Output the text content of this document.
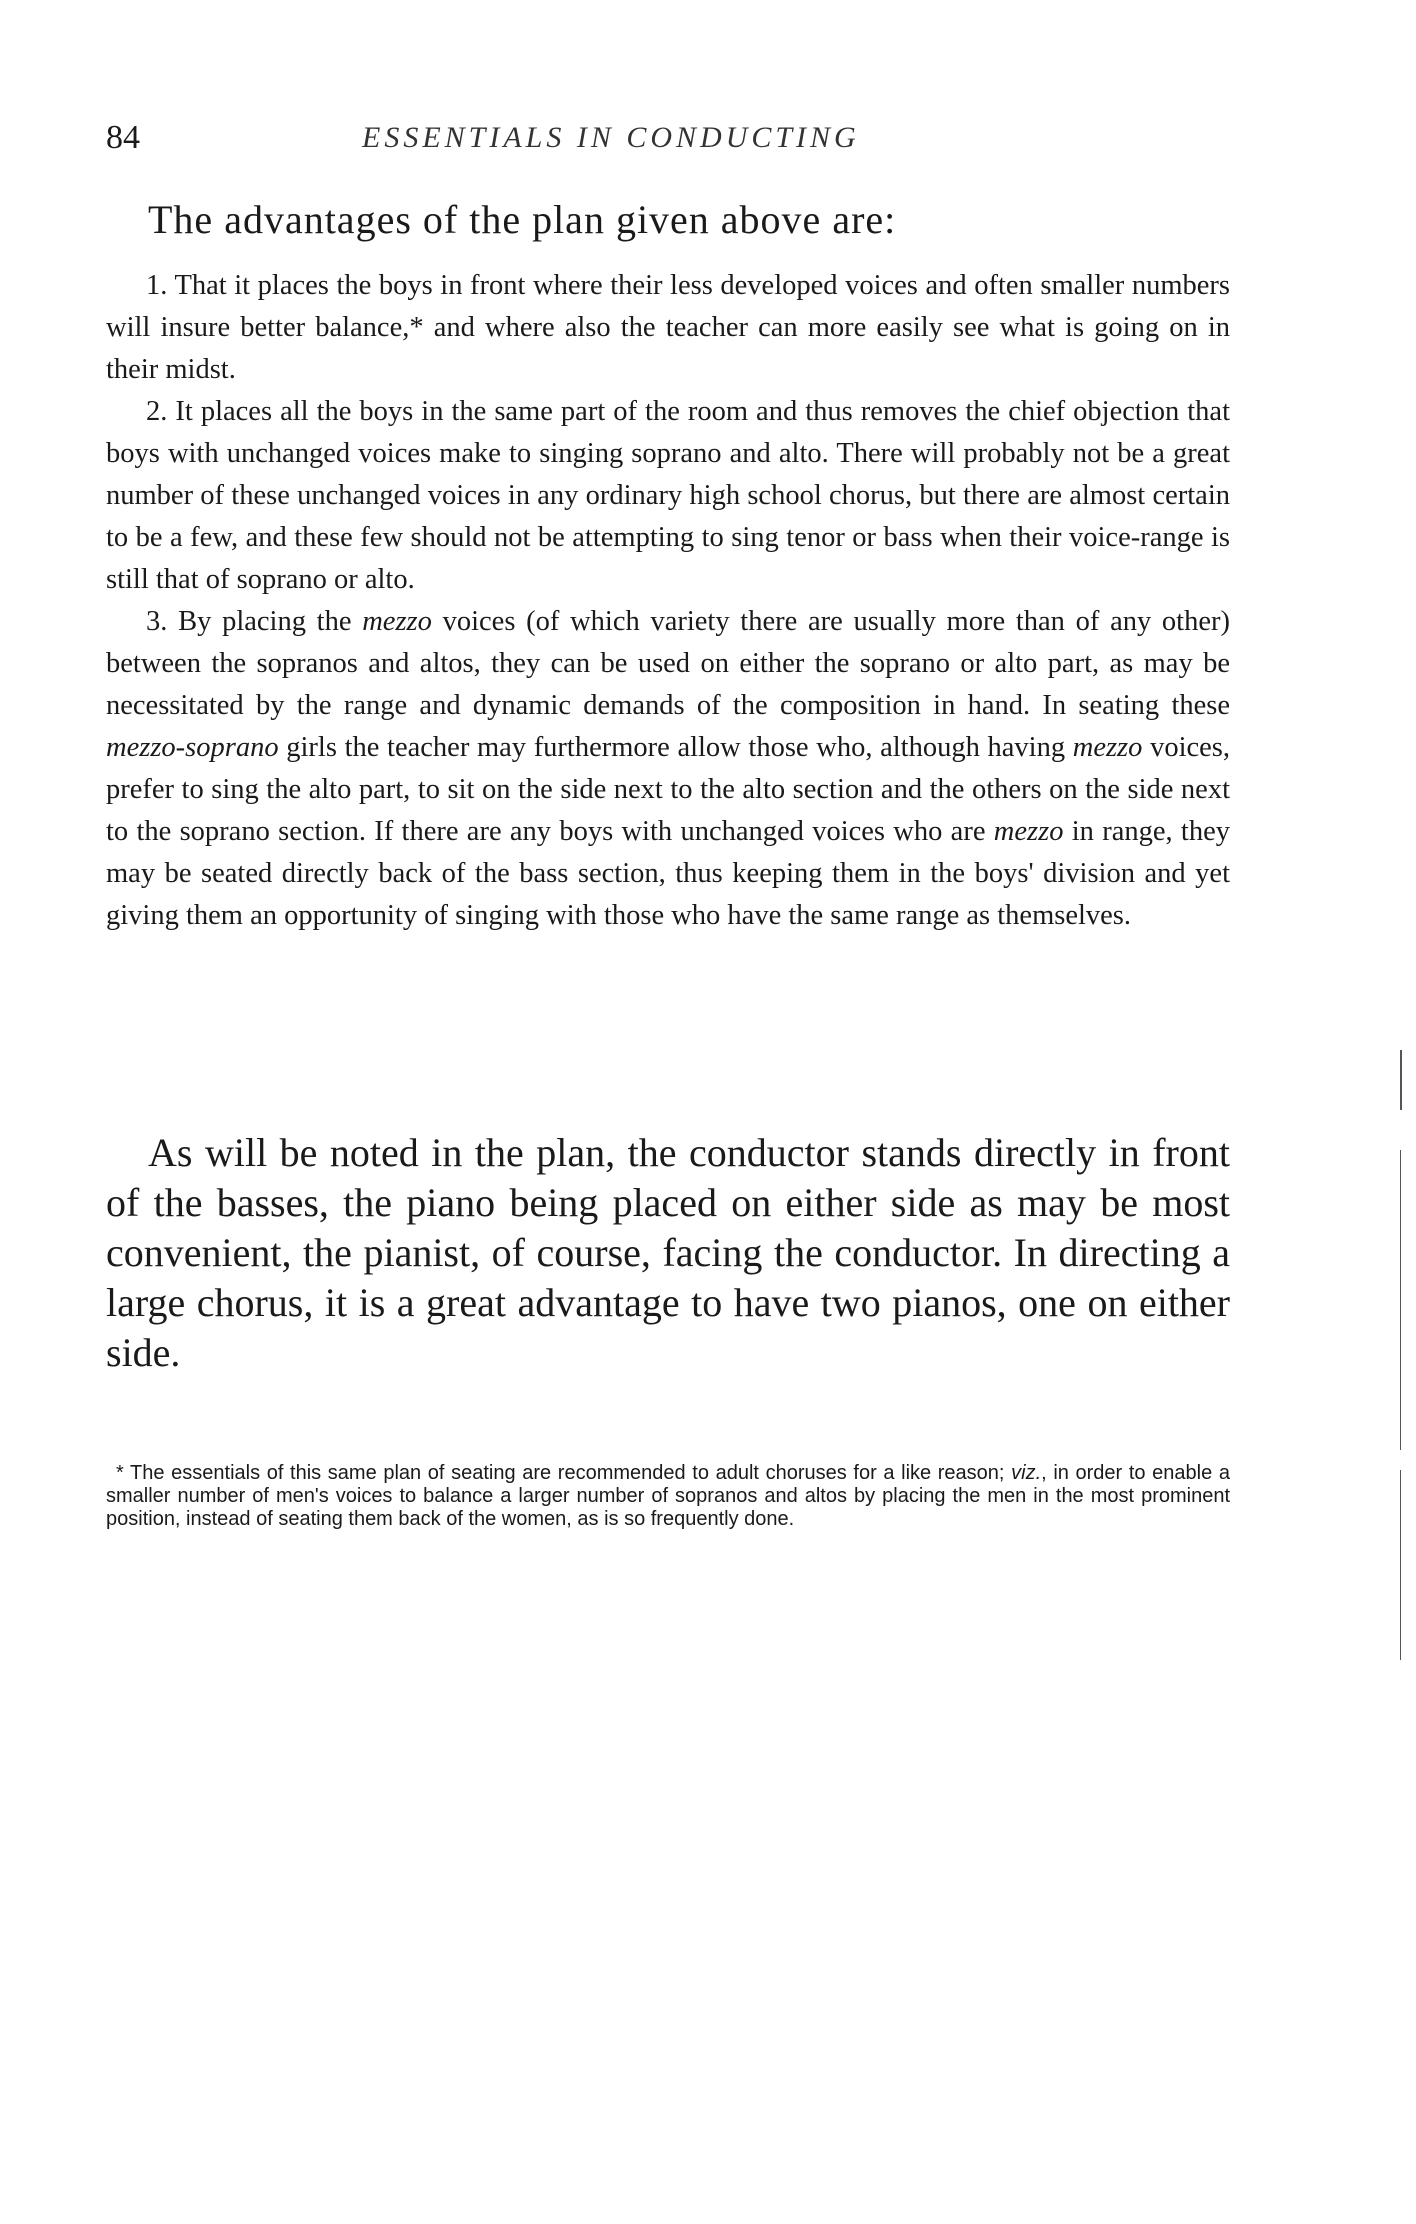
84	ESSENTIALS IN CONDUCTING
The advantages of the plan given above are:

1. That it places the boys in front where their less developed voices and often smaller numbers will insure better balance,* and where also the teacher can more easily see what is going on in their midst.

2. It places all the boys in the same part of the room and thus removes the chief objection that boys with unchanged voices make to singing soprano and alto. There will probably not be a great number of these unchanged voices in any ordinary high school chorus, but there are almost certain to be a few, and these few should not be attempting to sing tenor or bass when their voice-range is still that of soprano or alto.

3. By placing the mezzo voices (of which variety there are usually more than of any other) between the sopranos and altos, they can be used on either the soprano or alto part, as may be necessitated by the range and dynamic demands of the composition in hand. In seating these mezzo-soprano girls the teacher may furthermore allow those who, although having mezzo voices, prefer to sing the alto part, to sit on the side next to the alto section and the others on the side next to the soprano section. If there are any boys with unchanged voices who are mezzo in range, they may be seated directly back of the bass section, thus keeping them in the boys' division and yet giving them an opportunity of singing with those who have the same range as themselves.

As will be noted in the plan, the conductor stands directly in front of the basses, the piano being placed on either side as may be most convenient, the pianist, of course, facing the conductor. In directing a large chorus, it is a great advantage to have two pianos, one on either side.

* The essentials of this same plan of seating are recommended to adult choruses for a like reason; viz., in order to enable a smaller number of men's voices to balance a larger number of sopranos and altos by placing the men in the most prominent position, instead of seating them back of the women, as is so frequently done.
